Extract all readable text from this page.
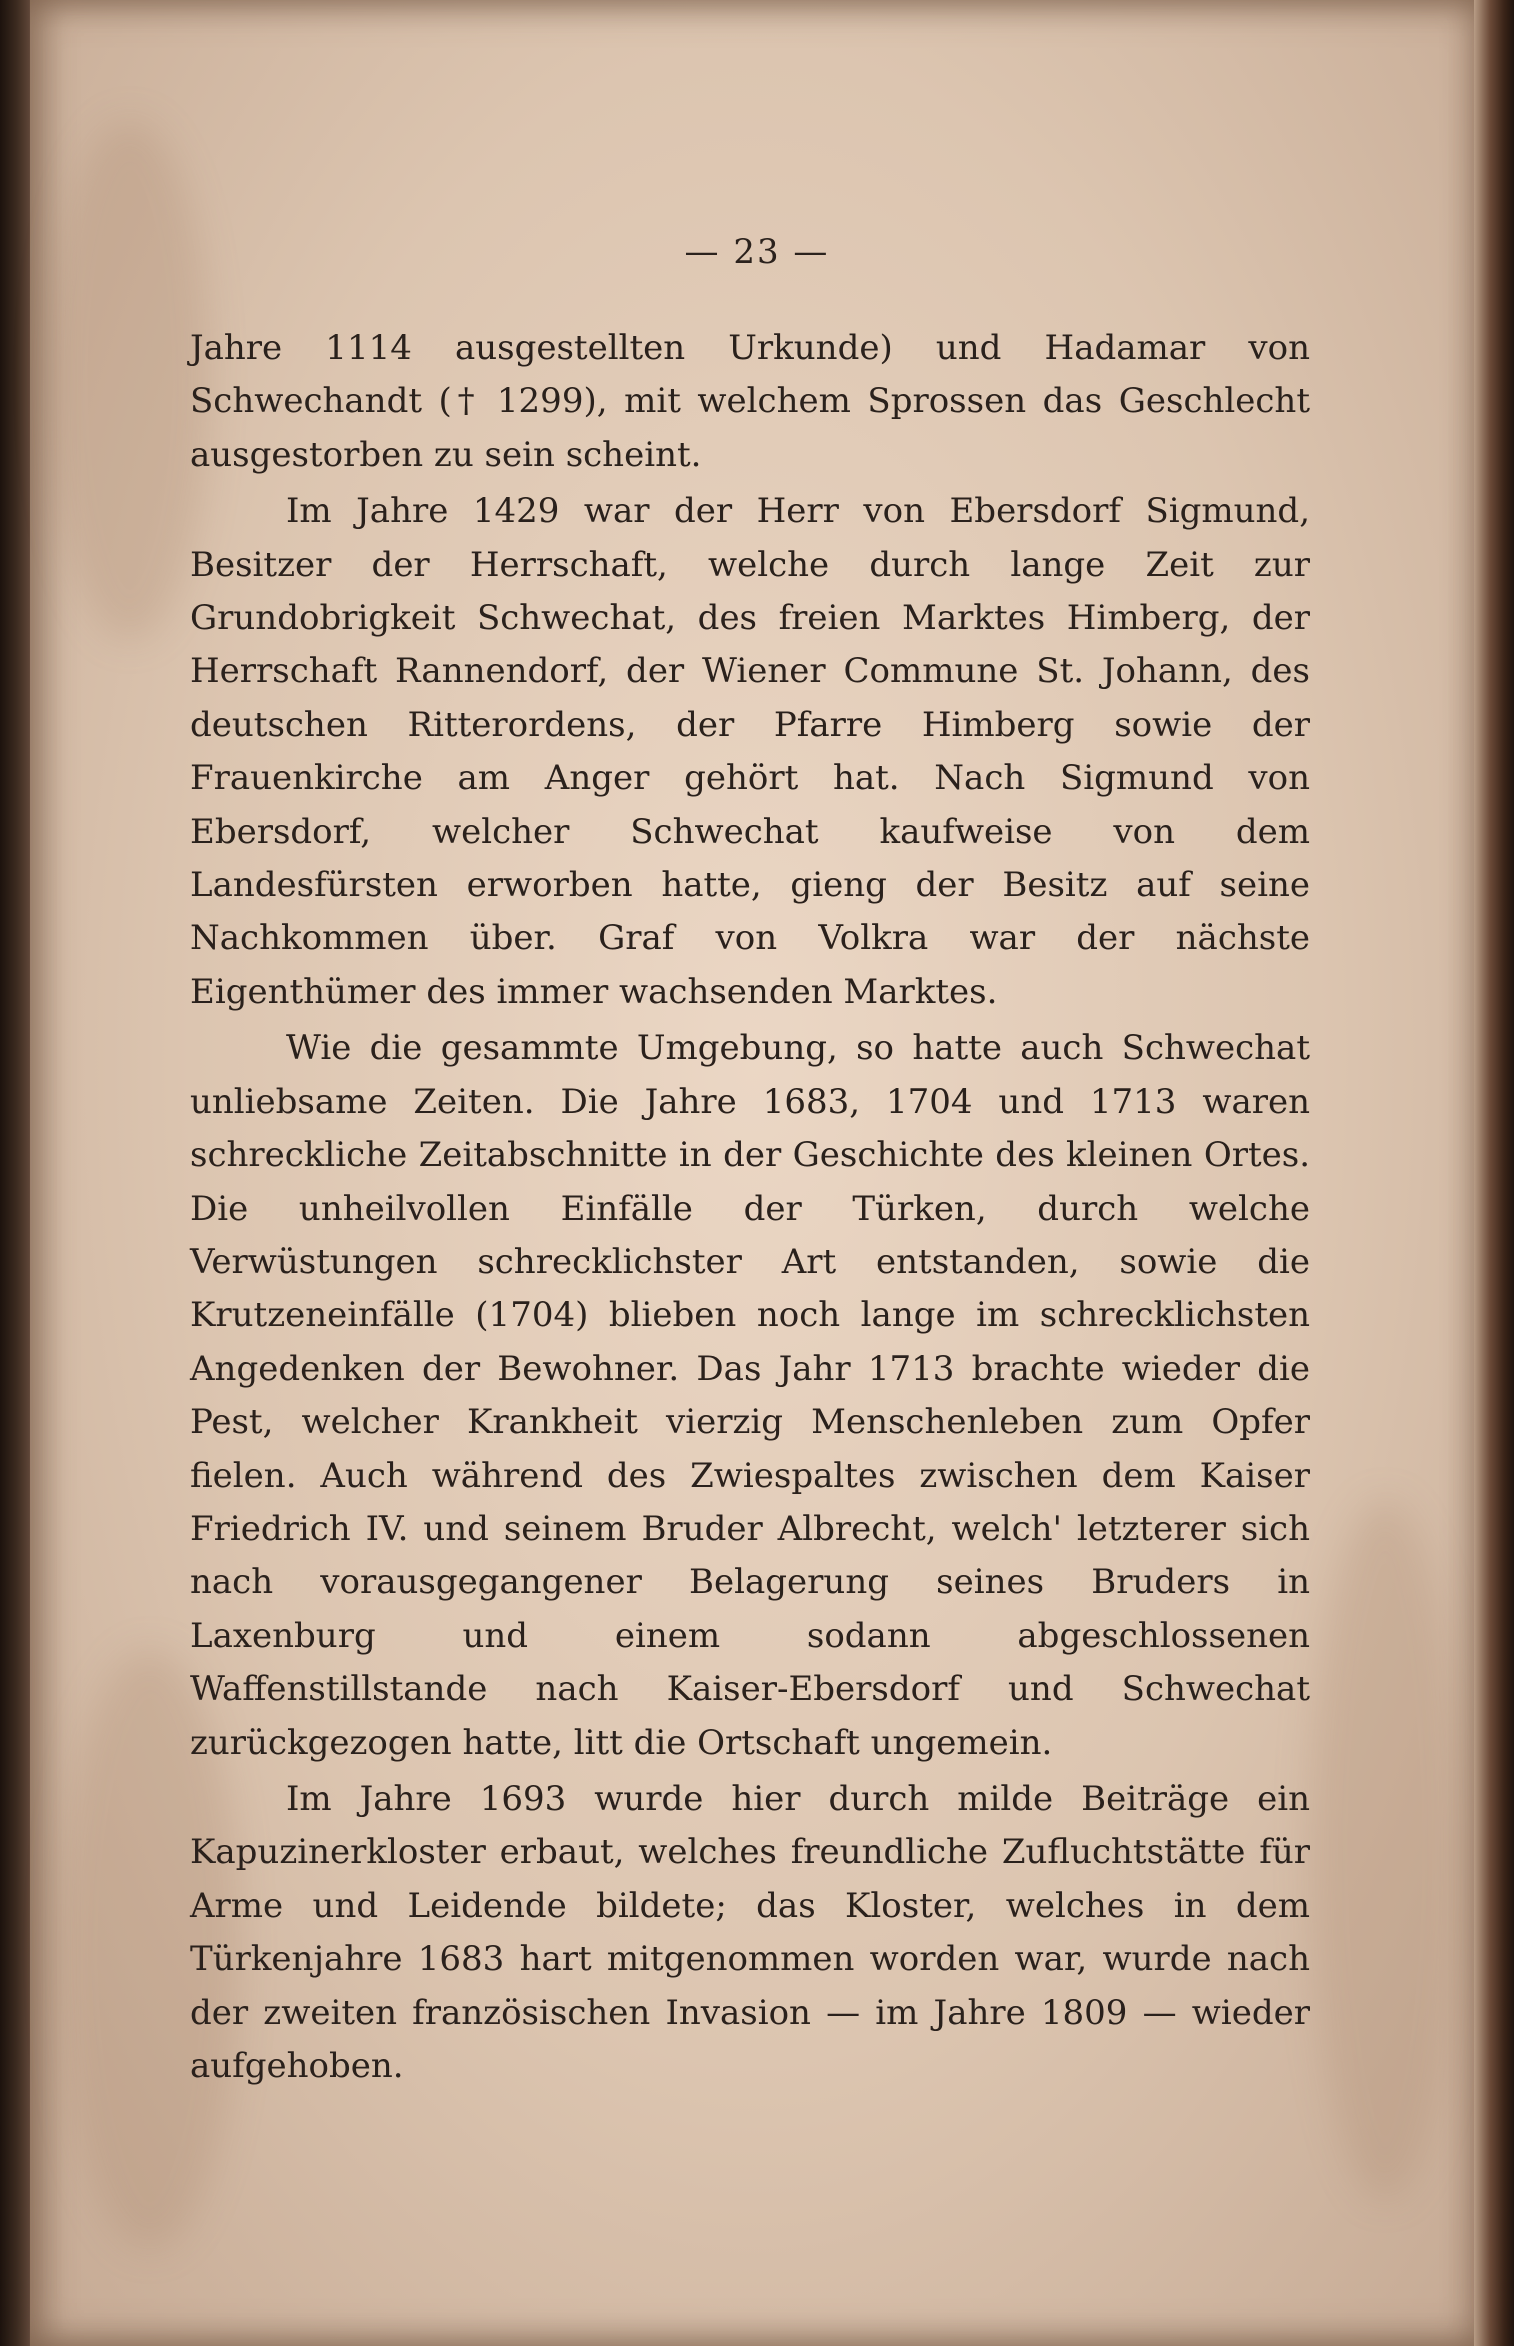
— 23 —

Jahre 1114 ausgestellten Urkunde) und Hadamar von Schwechandt († 1299), mit welchem Sprossen das Geschlecht ausgestorben zu sein scheint.

Im Jahre 1429 war der Herr von Ebersdorf Sigmund, Besitzer der Herrschaft, welche durch lange Zeit zur Grundobrigkeit Schwechat, des freien Marktes Himberg, der Herrschaft Rannendorf, der Wiener Commune St. Johann, des deutschen Ritterordens, der Pfarre Himberg sowie der Frauenkirche am Anger gehört hat. Nach Sigmund von Ebersdorf, welcher Schwechat kaufweise von dem Landesfürsten erworben hatte, gieng der Besitz auf seine Nachkommen über. Graf von Volkra war der nächste Eigenthümer des immer wachsenden Marktes.

Wie die gesammte Umgebung, so hatte auch Schwechat unliebsame Zeiten. Die Jahre 1683, 1704 und 1713 waren schreckliche Zeitabschnitte in der Geschichte des kleinen Ortes. Die unheilvollen Einfälle der Türken, durch welche Verwüstungen schrecklichster Art entstanden, sowie die Krutzeneinfälle (1704) blieben noch lange im schrecklichsten Angedenken der Bewohner. Das Jahr 1713 brachte wieder die Pest, welcher Krankheit vierzig Menschenleben zum Opfer fielen. Auch während des Zwiespaltes zwischen dem Kaiser Friedrich IV. und seinem Bruder Albrecht, welch' letzterer sich nach vorausgegangener Belagerung seines Bruders in Laxenburg und einem sodann abgeschlossenen Waffenstillstande nach Kaiser-Ebersdorf und Schwechat zurückgezogen hatte, litt die Ortschaft ungemein.

Im Jahre 1693 wurde hier durch milde Beiträge ein Kapuzinerkloster erbaut, welches freundliche Zufluchtstätte für Arme und Leidende bildete; das Kloster, welches in dem Türkenjahre 1683 hart mitgenommen worden war, wurde nach der zweiten französischen Invasion — im Jahre 1809 — wieder aufgehoben.
